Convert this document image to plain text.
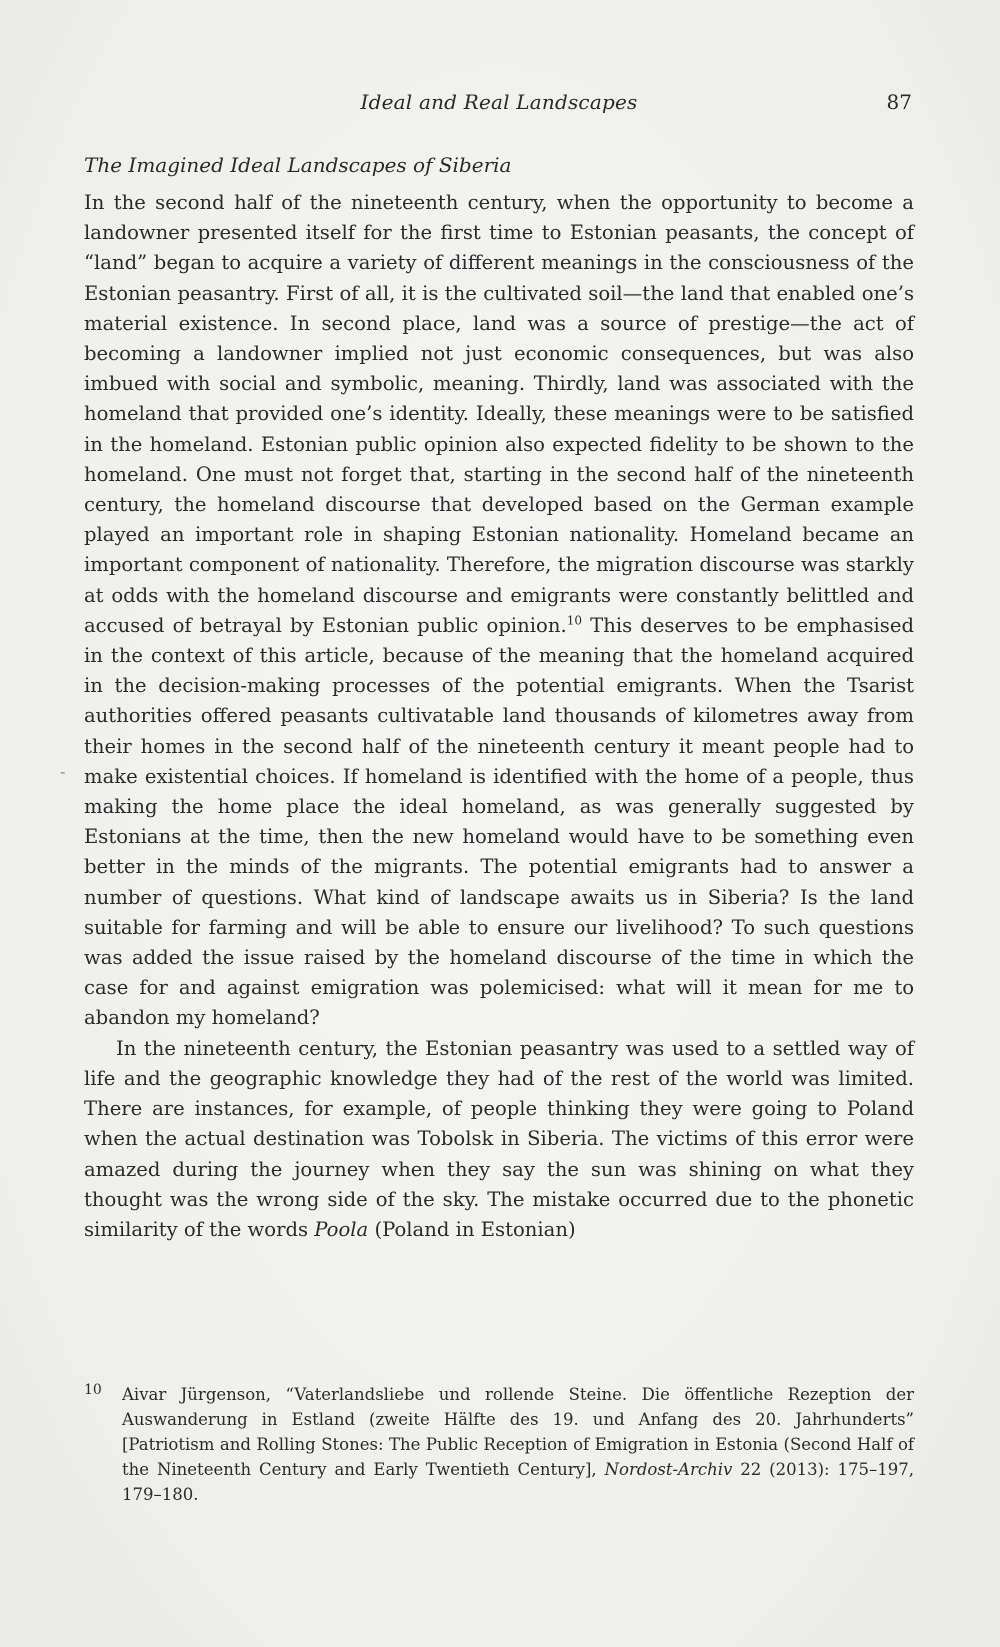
Ideal and Real Landscapes	87
-
The Imagined Ideal Landscapes of Siberia

In the second half of the nineteenth century, when the opportunity to become a landowner presented itself for the first time to Estonian peasants, the concept of “land” began to acquire a variety of different meanings in the consciousness of the Estonian peasantry. First of all, it is the cultivated soil—the land that enabled one’s material existence. In second place, land was a source of prestige—the act of becoming a landowner implied not just economic consequences, but was also imbued with social and symbolic, meaning. Thirdly, land was associated with the homeland that provided one’s identity. Ideally, these meanings were to be satisfied in the homeland. Estonian public opinion also expected fidelity to be shown to the homeland. One must not forget that, starting in the second half of the nineteenth century, the homeland discourse that developed based on the German example played an important role in shaping Estonian nationality. Homeland became an important component of nationality. Therefore, the migration discourse was starkly at odds with the homeland discourse and emigrants were constantly belittled and accused of betrayal by Estonian public opinion.$^{10}$ This deserves to be emphasised in the context of this article, because of the meaning that the homeland acquired in the decision-making processes of the potential emigrants. When the Tsarist authorities offered peasants cultivatable land thousands of kilometres away from their homes in the second half of the nineteenth century it meant people had to make existential choices. If homeland is identified with the home of a people, thus making the home place the ideal homeland, as was generally suggested by Estonians at the time, then the new homeland would have to be something even better in the minds of the migrants. The potential emigrants had to answer a number of questions. What kind of landscape awaits us in Siberia? Is the land suitable for farming and will be able to ensure our livelihood? To such questions was added the issue raised by the homeland discourse of the time in which the case for and against emigration was polemicised: what will it mean for me to abandon my homeland?

In the nineteenth century, the Estonian peasantry was used to a settled way of life and the geographic knowledge they had of the rest of the world was limited. There are instances, for example, of people thinking they were going to Poland when the actual destination was Tobolsk in Siberia. The victims of this error were amazed during the journey when they say the sun was shining on what they thought was the wrong side of the sky. The mistake occurred due to the phonetic similarity of the words Poola (Poland in Estonian)

10 Aivar Jürgenson, “Vaterlandsliebe und rollende Steine. Die öffentliche Rezeption der Auswanderung in Estland (zweite Hälfte des 19. und Anfang des 20. Jahrhunderts” [Patriotism and Rolling Stones: The Public Reception of Emigration in Estonia (Second Half of the Nineteenth Century and Early Twentieth Century], Nordost-Archiv 22 (2013): 175–197, 179–180.
